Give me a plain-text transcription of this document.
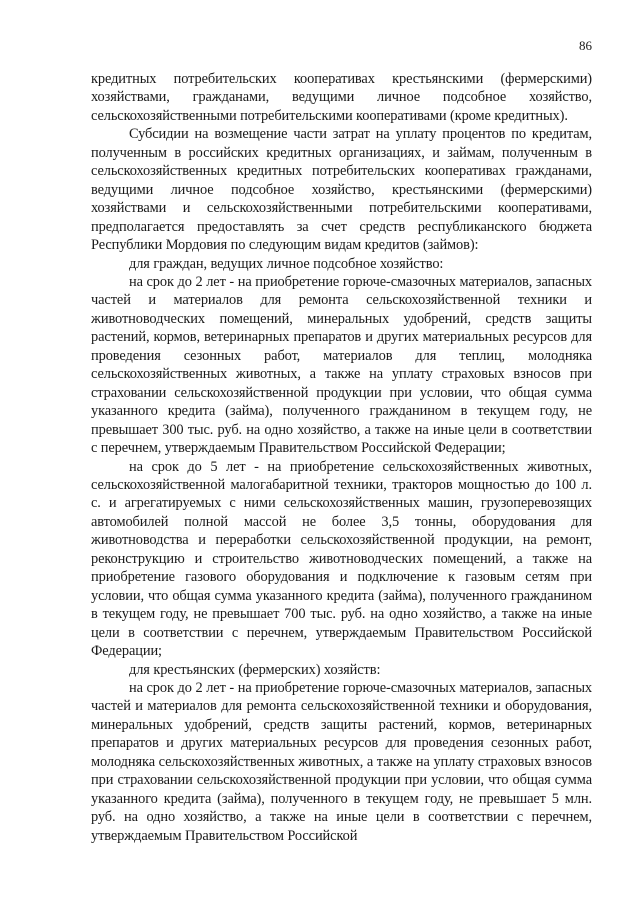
86

кредитных потребительских кооперативах крестьянскими (фермерскими) хозяйствами, гражданами, ведущими личное подсобное хозяйство, сельскохозяйственными потребительскими кооперативами (кроме кредитных).

Субсидии на возмещение части затрат на уплату процентов по кредитам, полученным в российских кредитных организациях, и займам, полученным в сельскохозяйственных кредитных потребительских кооперативах гражданами, ведущими личное подсобное хозяйство, крестьянскими (фермерскими) хозяйствами и сельскохозяйственными потребительскими кооперативами, предполагается предоставлять за счет средств республиканского бюджета Республики Мордовия по следующим видам кредитов (займов):

для граждан, ведущих личное подсобное хозяйство:

на срок до 2 лет - на приобретение горюче-смазочных материалов, запасных частей и материалов для ремонта сельскохозяйственной техники и животноводческих помещений, минеральных удобрений, средств защиты растений, кормов, ветеринарных препаратов и других материальных ресурсов для проведения сезонных работ, материалов для теплиц, молодняка сельскохозяйственных животных, а также на уплату страховых взносов при страховании сельскохозяйственной продукции при условии, что общая сумма указанного кредита (займа), полученного гражданином в текущем году, не превышает 300 тыс. руб. на одно хозяйство, а также на иные цели в соответствии с перечнем, утверждаемым Правительством Российской Федерации;

на срок до 5 лет - на приобретение сельскохозяйственных животных, сельскохозяйственной малогабаритной техники, тракторов мощностью до 100 л. с. и агрегатируемых с ними сельскохозяйственных машин, грузоперевозящих автомобилей полной массой не более 3,5 тонны, оборудования для животноводства и переработки сельскохозяйственной продукции, на ремонт, реконструкцию и строительство животноводческих помещений, а также на приобретение газового оборудования и подключение к газовым сетям при условии, что общая сумма указанного кредита (займа), полученного гражданином в текущем году, не превышает 700 тыс. руб. на одно хозяйство, а также на иные цели в соответствии с перечнем, утверждаемым Правительством Российской Федерации;

для крестьянских (фермерских) хозяйств:

на срок до 2 лет - на приобретение горюче-смазочных материалов, запасных частей и материалов для ремонта сельскохозяйственной техники и оборудования, минеральных удобрений, средств защиты растений, кормов, ветеринарных препаратов и других материальных ресурсов для проведения сезонных работ, молодняка сельскохозяйственных животных, а также на уплату страховых взносов при страховании сельскохозяйственной продукции при условии, что общая сумма указанного кредита (займа), полученного в текущем году, не превышает 5 млн. руб. на одно хозяйство, а также на иные цели в соответствии с перечнем, утверждаемым Правительством Российской
